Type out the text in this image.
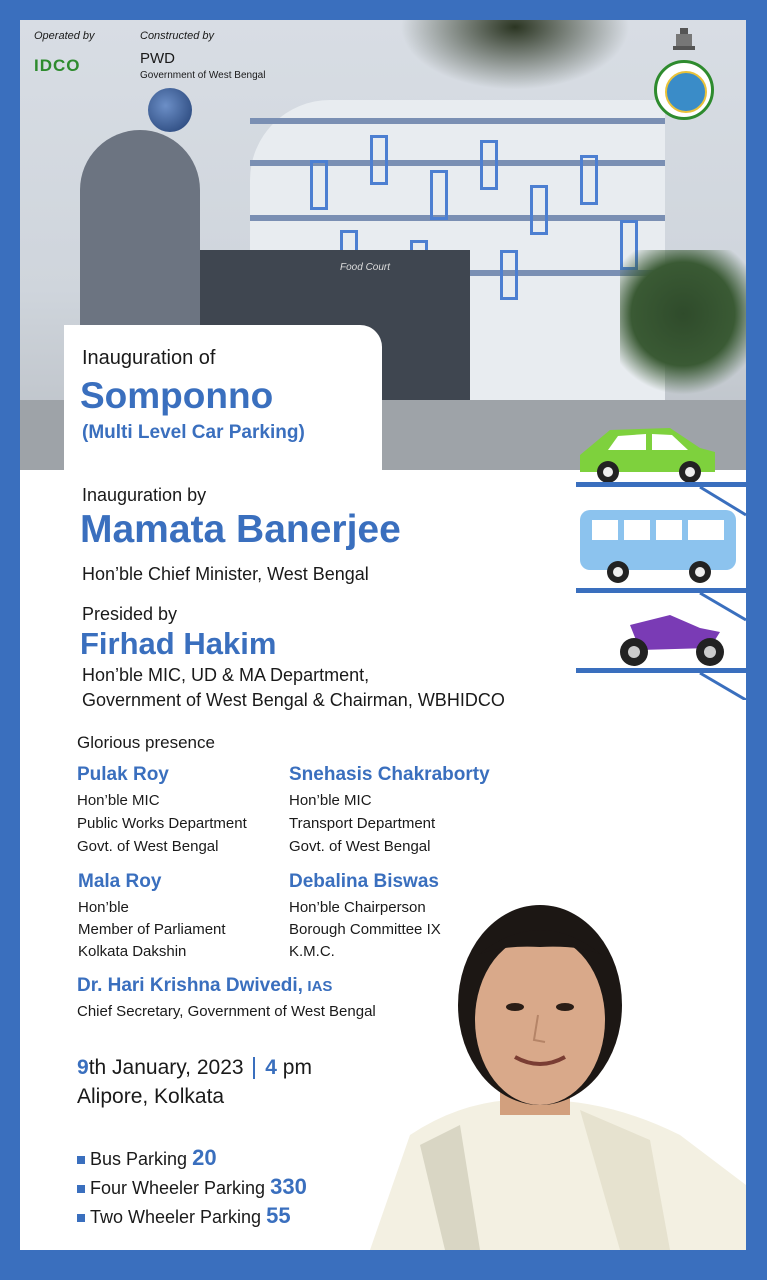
Food Court
Operated by
IDCO
Constructed by
PWD
Government of West Bengal
Inauguration of
Somponno
(Multi Level Car Parking)
Inauguration by
Mamata Banerjee
Hon’ble Chief Minister, West Bengal
Presided by
Firhad Hakim
Hon’ble MIC, UD & MA Department,
Government of West Bengal & Chairman, WBHIDCO
Glorious presence
Pulak Roy
Hon’ble MIC
Public Works Department
Govt. of West Bengal
Snehasis Chakraborty
Hon’ble MIC
Transport Department
Govt. of West Bengal
Mala Roy
Hon’ble
Member of Parliament
Kolkata Dakshin
Debalina Biswas
Hon’ble Chairperson
Borough Committee IX
K.M.C.
Dr. Hari Krishna Dwivedi, IAS
Chief Secretary, Government of West Bengal
9th January, 2023 4 pm
Alipore, Kolkata
Bus Parking 20
Four Wheeler Parking 330
Two Wheeler Parking 55
